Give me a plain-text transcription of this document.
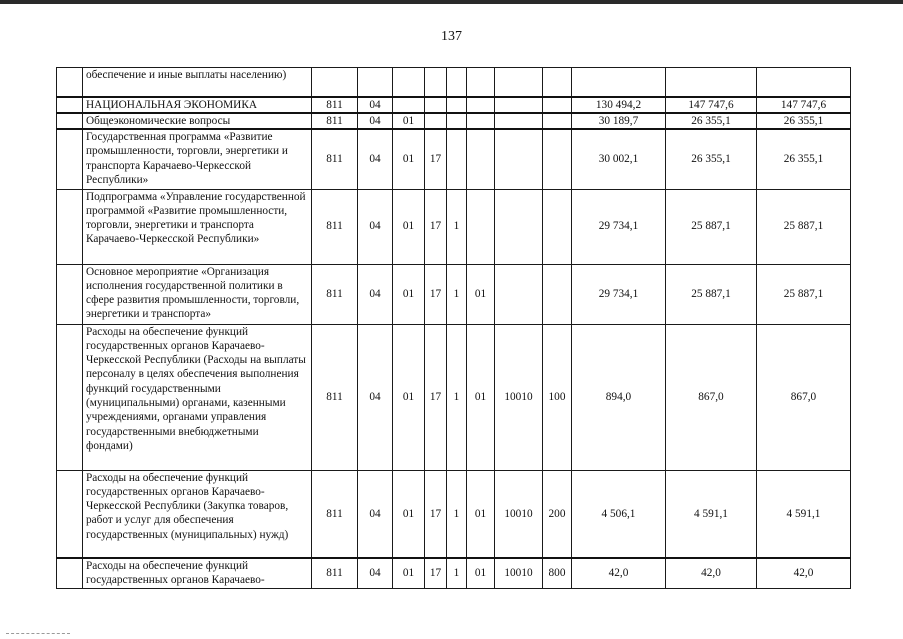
137
	обеспечение и иные выплаты населению)											
	НАЦИОНАЛЬНАЯ ЭКОНОМИКА	811	04							130 494,2	147 747,6	147 747,6
	Общеэкономические вопросы	811	04	01						30 189,7	26 355,1	26 355,1
	Государственная программа «Развитие промышленности, торговли, энергетики и транспорта Карачаево-Черкесской Республики»	811	04	01	17					30 002,1	26 355,1	26 355,1
	Подпрограмма «Управление государственной программой «Развитие промышленности, торговли, энергетики и транспорта Карачаево-Черкесской Республики»	811	04	01	17	1				29 734,1	25 887,1	25 887,1
	Основное мероприятие «Организация исполнения государственной политики в сфере развития промышленности, торговли, энергетики и транспорта»	811	04	01	17	1	01			29 734,1	25 887,1	25 887,1
	Расходы на обеспечение функций государственных органов Карачаево-Черкесской Республики (Расходы на выплаты персоналу в целях обеспечения выполнения функций государственными (муниципальными) органами, казенными учреждениями, органами управления государственными внебюджетными фондами)	811	04	01	17	1	01	10010	100	894,0	867,0	867,0
	Расходы на обеспечение функций государственных органов Карачаево-Черкесской Республики (Закупка товаров, работ и услуг для обеспечения государственных (муниципальных) нужд)	811	04	01	17	1	01	10010	200	4 506,1	4 591,1	4 591,1
	Расходы на обеспечение функций государственных органов Карачаево-	811	04	01	17	1	01	10010	800	42,0	42,0	42,0
